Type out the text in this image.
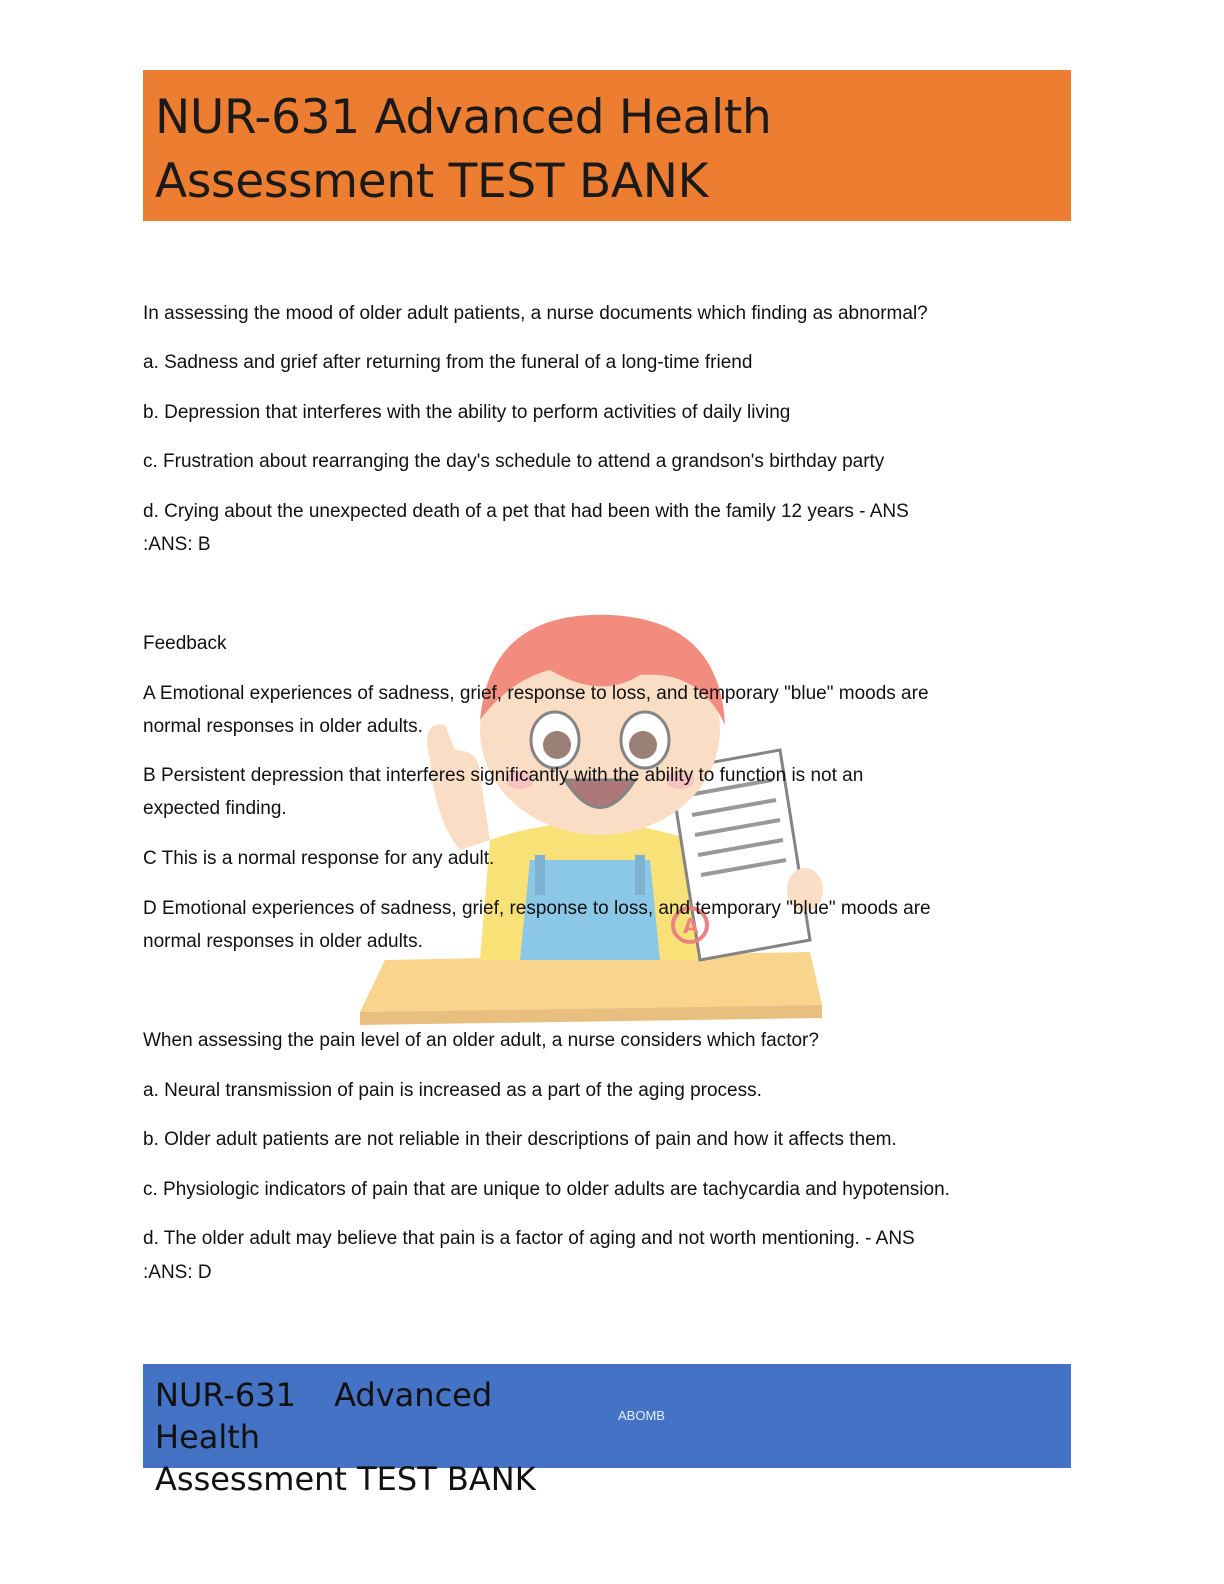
NUR-631 Advanced Health Assessment TEST BANK
A
In assessing the mood of older adult patients, a nurse documents which finding as abnormal?
a. Sadness and grief after returning from the funeral of a long-time friend
b. Depression that interferes with the ability to perform activities of daily living
c. Frustration about rearranging the day's schedule to attend a grandson's birthday party
d. Crying about the unexpected death of a pet that had been with the family 12 years - ANS
:ANS: B
Feedback
A Emotional experiences of sadness, grief, response to loss, and temporary "blue" moods are
normal responses in older adults.
B Persistent depression that interferes significantly with the ability to function is not an
expected finding.
C This is a normal response for any adult.
D Emotional experiences of sadness, grief, response to loss, and temporary "blue" moods are
normal responses in older adults.
When assessing the pain level of an older adult, a nurse considers which factor?
a. Neural transmission of pain is increased as a part of the aging process.
b. Older adult patients are not reliable in their descriptions of pain and how it affects them.
c. Physiologic indicators of pain that are unique to older adults are tachycardia and hypotension.
d. The older adult may believe that pain is a factor of aging and not worth mentioning. - ANS
:ANS: D
NUR-631 Advanced Health
Assessment TEST BANK
ABOMB
